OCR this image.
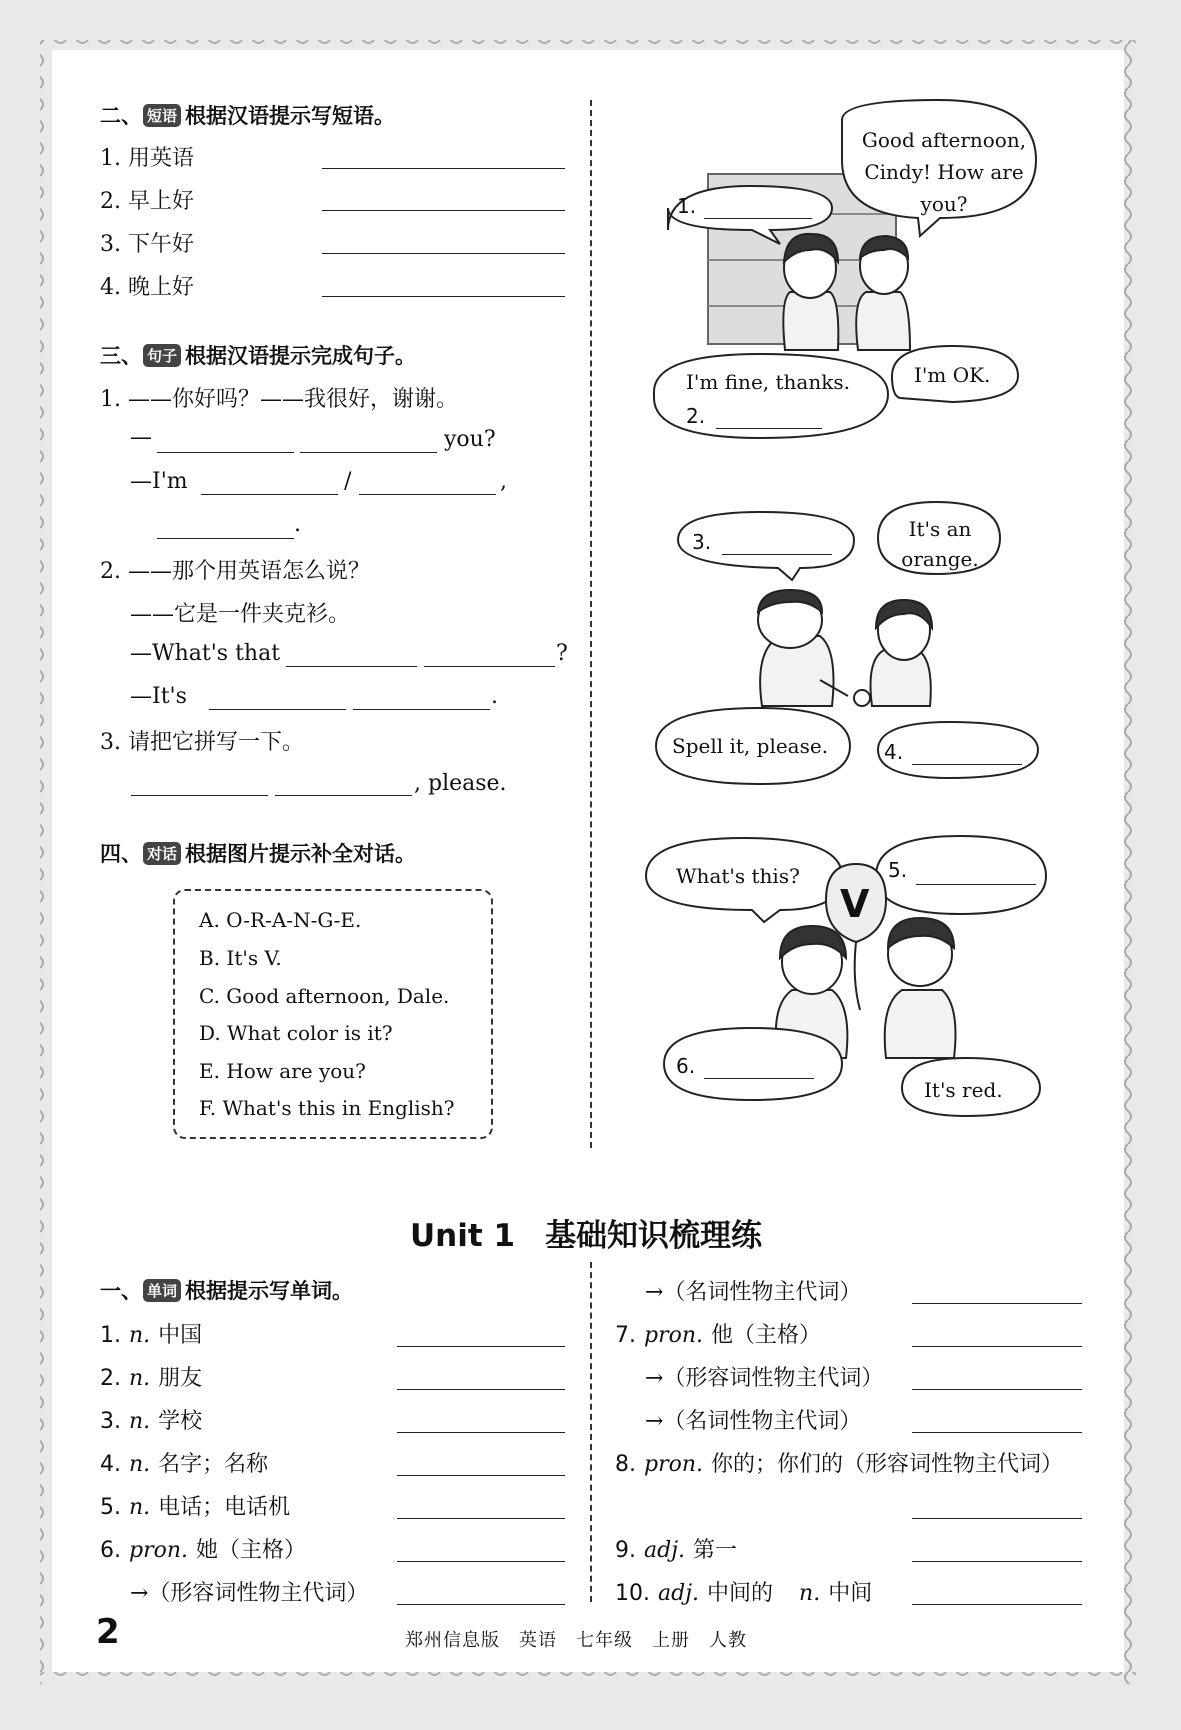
二、 短语 根据汉语提示写短语。
1. 用英语
2. 早上好
3. 下午好
4. 晚上好
三、 句子 根据汉语提示完成句子。
1. ——你好吗？——我很好，谢谢。
—	you?
—I'm	/	,
.
2. ——那个用英语怎么说？
——它是一件夹克衫。
—What's that	?
—It's	.
3. 请把它拼写一下。
, please.
四、 对话 根据图片提示补全对话。
A. O-R-A-N-G-E.
B. It's V.
C. Good afternoon, Dale.
D. What color is it?
E. How are you?
F. What's this in English?
Good afternoon,
Cindy! How are
you?
1.
I'm fine, thanks.
2.
I'm OK.
3.
It's an
orange.
Spell it, please.	4.
What's this?	5.
V
6.
It's red.
Unit 1 基础知识梳理练
一、 单词 根据提示写单词。
1. n. 中国
2. n. 朋友
3. n. 学校
4. n. 名字；名称
5. n. 电话；电话机
6. pron. 她（主格）
→（形容词性物主代词）
→（名词性物主代词）
7. pron. 他（主格）
→（形容词性物主代词）
→（名词性物主代词）
8. pron. 你的；你们的（形容词性物主代词）
9. adj. 第一
10. adj. 中间的 n. 中间
2	郑州信息版　英语　七年级　上册　人教
